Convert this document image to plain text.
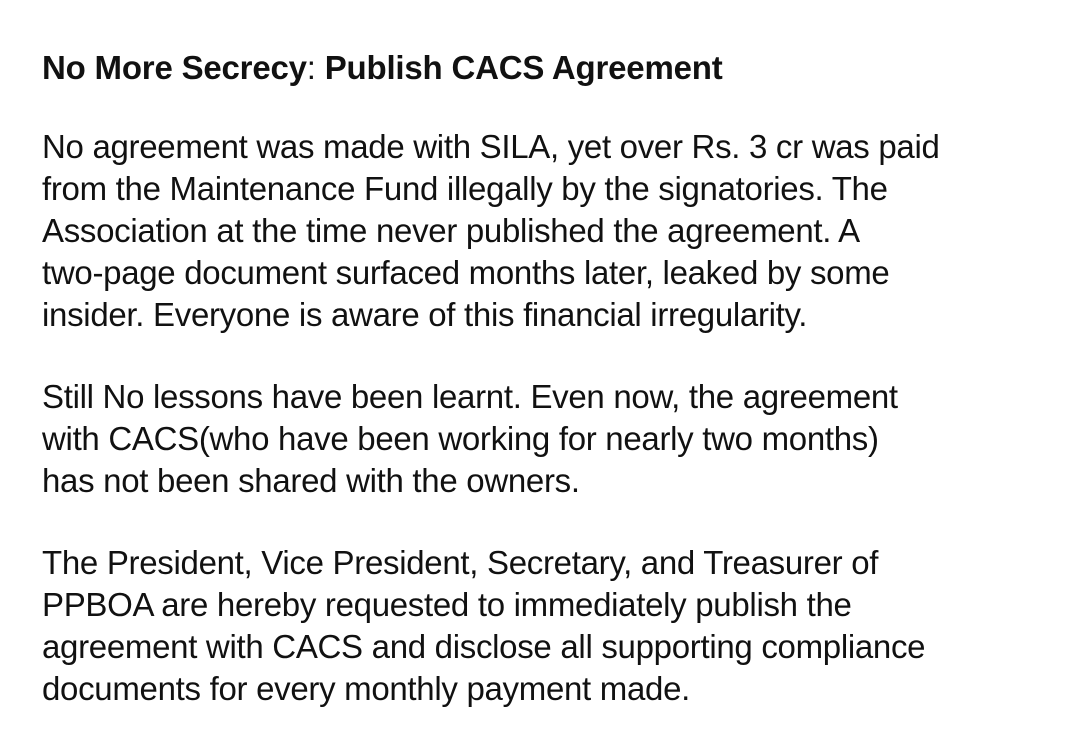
No More Secrecy: Publish CACS Agreement
No agreement was made with SILA, yet over Rs. 3 cr was paid
from the Maintenance Fund illegally by the signatories. The
Association at the time never published the agreement. A
two-page document surfaced months later, leaked by some
insider. Everyone is aware of this financial irregularity.
Still No lessons have been learnt. Even now, the agreement
with CACS(who have been working for nearly two months)
has not been shared with the owners.
The President, Vice President, Secretary, and Treasurer of
PPBOA are hereby requested to immediately publish the
agreement with CACS and disclose all supporting compliance
documents for every monthly payment made.
